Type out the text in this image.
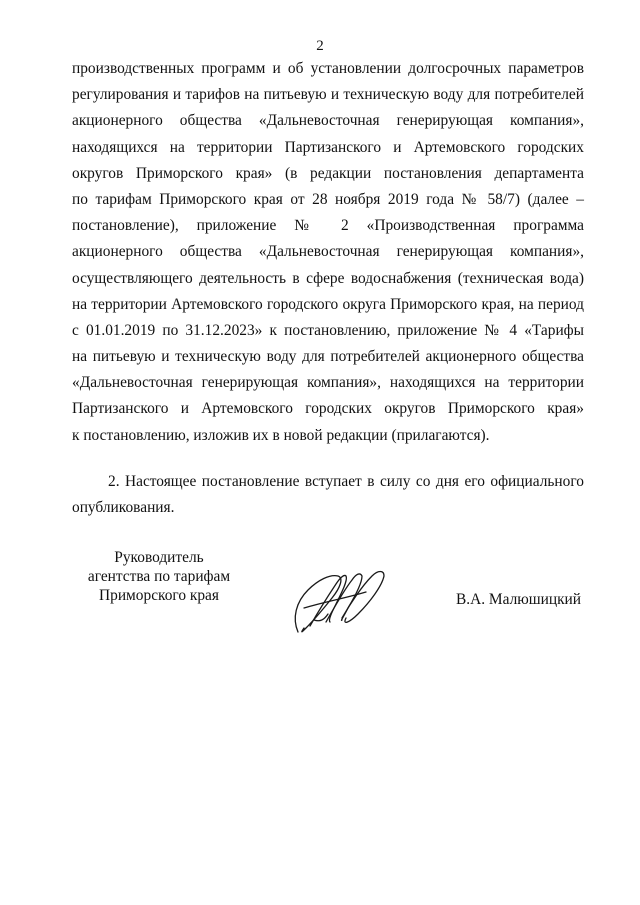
2
производственных программ и об установлении долгосрочных параметров
регулирования и тарифов на питьевую и техническую воду для потребителей
акционерного общества «Дальневосточная генерирующая компания»,
находящихся на территории Партизанского и Артемовского городских
округов Приморского края» (в редакции постановления департамента
по тарифам Приморского края от 28 ноября 2019 года № 58/7) (далее –
постановление), приложение № 2 «Производственная программа
акционерного общества «Дальневосточная генерирующая компания»,
осуществляющего деятельность в сфере водоснабжения (техническая вода)
на территории Артемовского городского округа Приморского края, на период
с 01.01.2019 по 31.12.2023» к постановлению, приложение № 4 «Тарифы
на питьевую и техническую воду для потребителей акционерного общества
«Дальневосточная генерирующая компания», находящихся на территории
Партизанского и Артемовского городских округов Приморского края»
к постановлению, изложив их в новой редакции (прилагаются).
2. Настоящее постановление вступает в силу со дня его официального
опубликования.
Руководитель
агентства по тарифам
Приморского края	В.А. Малюшицкий
